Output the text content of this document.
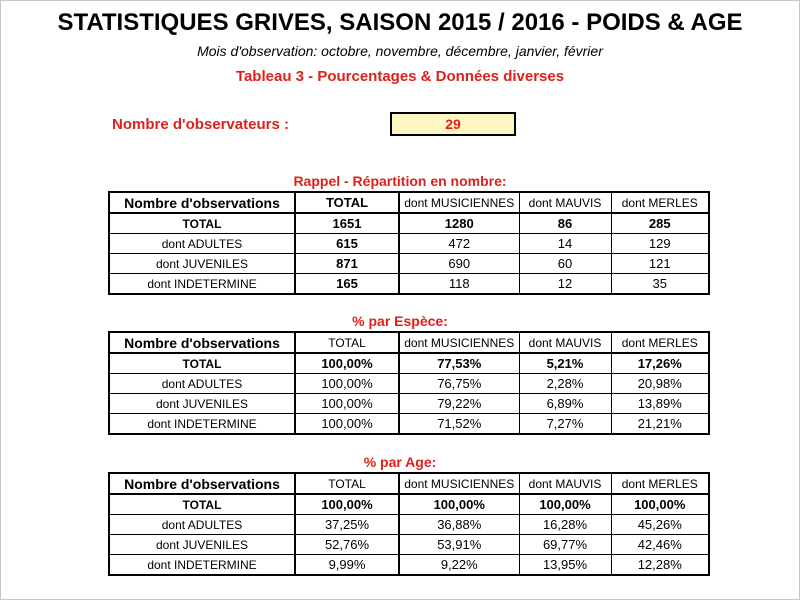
STATISTIQUES GRIVES, SAISON 2015 / 2016 - POIDS & AGE
Mois d'observation: octobre, novembre, décembre, janvier, février
Tableau 3 - Pourcentages & Données diverses
Nombre d'observateurs :	29
Rappel - Répartition en nombre:
Nombre d'observations	TOTAL	dont MUSICIENNES	dont MAUVIS	dont MERLES
TOTAL	1651	1280	86	285
dont ADULTES	615	472	14	129
dont JUVENILES	871	690	60	121
dont INDETERMINE	165	118	12	35
% par Espèce:
Nombre d'observations	TOTAL	dont MUSICIENNES	dont MAUVIS	dont MERLES
TOTAL	100,00%	77,53%	5,21%	17,26%
dont ADULTES	100,00%	76,75%	2,28%	20,98%
dont JUVENILES	100,00%	79,22%	6,89%	13,89%
dont INDETERMINE	100,00%	71,52%	7,27%	21,21%
% par Age:
Nombre d'observations	TOTAL	dont MUSICIENNES	dont MAUVIS	dont MERLES
TOTAL	100,00%	100,00%	100,00%	100,00%
dont ADULTES	37,25%	36,88%	16,28%	45,26%
dont JUVENILES	52,76%	53,91%	69,77%	42,46%
dont INDETERMINE	9,99%	9,22%	13,95%	12,28%
